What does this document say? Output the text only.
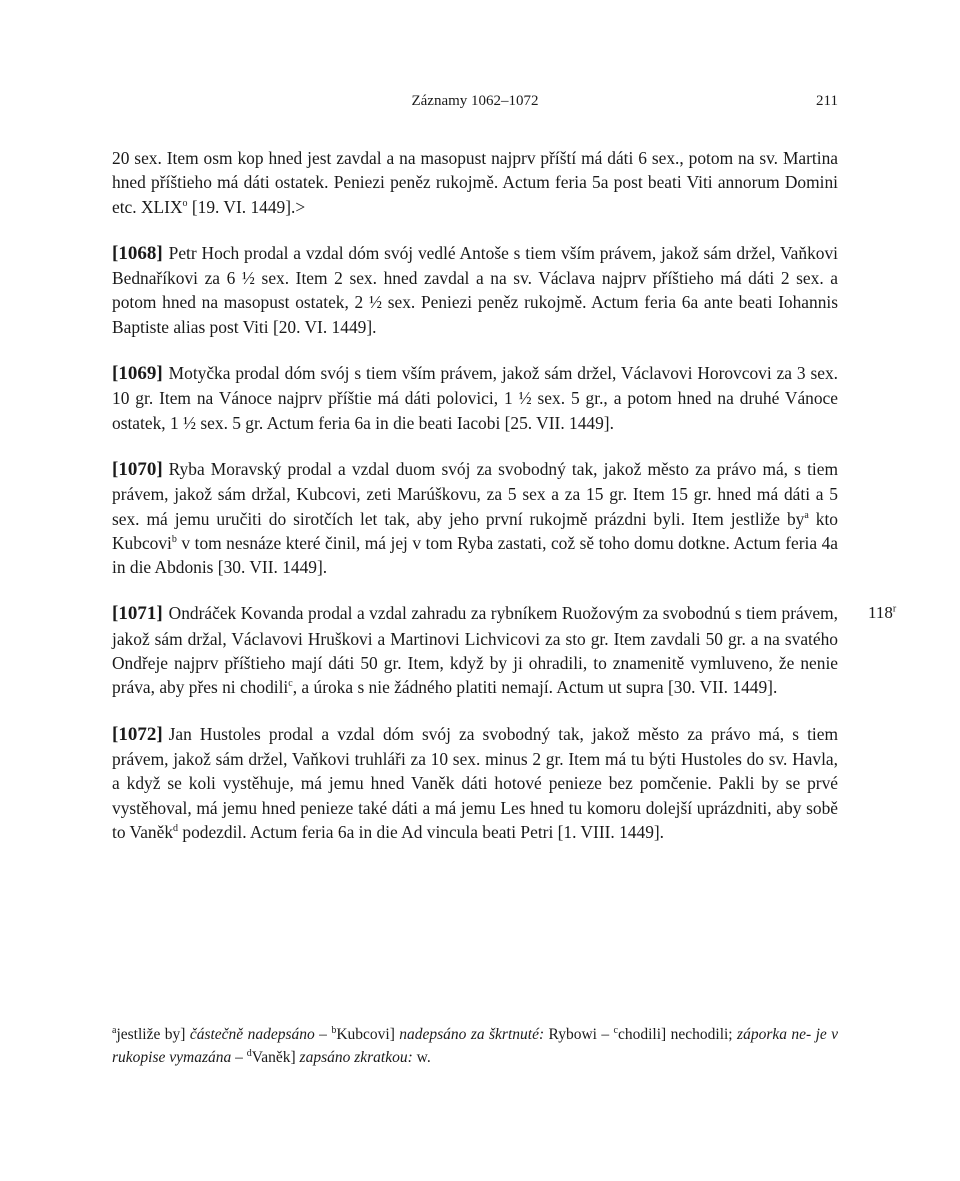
Záznamy 1062–1072	211

20 sex. Item osm kop hned jest zavdal a na masopust najprv příští má dáti 6 sex., potom na sv. Martina hned příštieho má dáti ostatek. Peniezi peněz rukojmě. Actum feria 5a post beati Viti annorum Domini etc. XLIX$^o$ [19. VI. 1449].>

[1068] Petr Hoch prodal a vzdal dóm svój vedlé Antoše s tiem vším právem, jakož sám držel, Vaňkovi Bednaříkovi za 6 ½ sex. Item 2 sex. hned zavdal a na sv. Václava najprv příštieho má dáti 2 sex. a potom hned na masopust ostatek, 2 ½ sex. Peniezi peněz rukojmě. Actum feria 6a ante beati Iohannis Baptiste alias post Viti [20. VI. 1449].

[1069] Motyčka prodal dóm svój s tiem vším právem, jakož sám držel, Václavovi Horovcovi za 3 sex. 10 gr. Item na Vánoce najprv příštie má dáti polovici, 1 ½ sex. 5 gr., a potom hned na druhé Vánoce ostatek, 1 ½ sex. 5 gr. Actum feria 6a in die beati Iacobi [25. VII. 1449].

[1070] Ryba Moravský prodal a vzdal duom svój za svobodný tak, jakož město za právo má, s tiem právem, jakož sám držal, Kubcovi, zeti Marúškovu, za 5 sex a za 15 gr. Item 15 gr. hned má dáti a 5 sex. má jemu uručiti do sirotčích let tak, aby jeho první rukojmě prázdni byli. Item jestliže $by^a$ kto Kubcovi$^b$ v tom nesnáze které činil, má jej v tom Ryba zastati, což sě toho domu dotkne. Actum feria 4a in die Abdonis [30. VII. 1449].

118$^r$
[1071] Ondráček Kovanda prodal a vzdal zahradu za rybníkem Ruožovým za svobodnú s tiem právem, jakož sám držal, Václavovi Hruškovi a Martinovi Lichvicovi za sto gr. Item zavdali 50 gr. a na svatého Ondřeje najprv příštieho mají dáti 50 gr. Item, když by ji ohradili, to znamenitě vymluveno, že nenie práva, aby přes ni chodili$^c$, a úroka s nie žádného platiti nemají. Actum ut supra [30. VII. 1449].

[1072] Jan Hustoles prodal a vzdal dóm svój za svobodný tak, jakož město za právo má, s tiem právem, jakož sám držel, Vaňkovi truhláři za 10 sex. minus 2 gr. Item má tu býti Hustoles do sv. Havla, a když se koli vystěhuje, má jemu hned Vaněk dáti hotové penieze bez pomčenie. Pakli by se prvé vystěhoval, má jemu hned penieze také dáti a má jemu Les hned tu komoru dolejší uprázdniti, aby sobě to Vaněk$^d$ podezdil. Actum feria 6a in die Ad vincula beati Petri [1. VIII. 1449].

$^a$jestliže by] částečně nadepsáno – $^b$Kubcovi] nadepsáno za škrtnuté: Rybowi – $^c$chodili] nechodili; záporka ne- je v rukopise vymazána – $^d$Vaněk] zapsáno zkratkou: w.
